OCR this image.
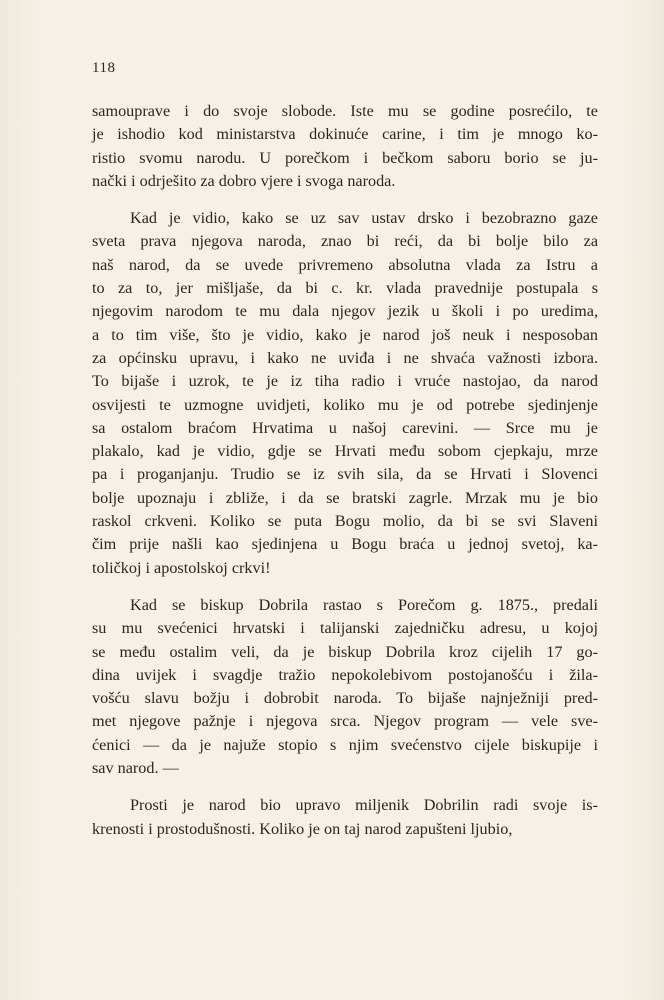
118

samouprave i do svoje slobode. Iste mu se godine posrećilo, te
je ishodio kod ministarstva dokinuće carine, i tim je mnogo ko-
ristio svomu narodu. U porečkom i bečkom saboru borio se ju-
nački i odrješito za dobro vjere i svoga naroda.

Kad je vidio, kako se uz sav ustav drsko i bezobrazno gaze
sveta prava njegova naroda, znao bi reći, da bi bolje bilo za
naš narod, da se uvede privremeno absolutna vlada za Istru a
to za to, jer mišljaše, da bi c. kr. vlada pravednije postupala s
njegovim narodom te mu dala njegov jezik u školi i po uredima,
a to tim više, što je vidio, kako je narod još neuk i nesposoban
za općinsku upravu, i kako ne uviđa i ne shvaća važnosti izbora.
To bijaše i uzrok, te je iz tiha radio i vruće nastojao, da narod
osvijesti te uzmogne uvidjeti, koliko mu je od potrebe sjedinjenje
sa ostalom braćom Hrvatima u našoj carevini. — Srce mu je
plakalo, kad je vidio, gdje se Hrvati među sobom cjepkaju, mrze
pa i proganjanju. Trudio se iz svih sila, da se Hrvati i Slovenci
bolje upoznaju i zbliže, i da se bratski zagrle. Mrzak mu je bio
raskol crkveni. Koliko se puta Bogu molio, da bi se svi Slaveni
čim prije našli kao sjedinjena u Bogu braća u jednoj svetoj, ka-
toličkoj i apostolskoj crkvi!

Kad se biskup Dobrila rastao s Porečom g. 1875., predali
su mu svećenici hrvatski i talijanski zajedničku adresu, u kojoj
se među ostalim veli, da je biskup Dobrila kroz cijelih 17 go-
dina uvijek i svagdje tražio nepokolebivom postojanošću i žila-
vošću slavu božju i dobrobit naroda. To bijaše najnježniji pred-
met njegove pažnje i njegova srca. Njegov program — vele sve-
ćenici — da je najuže stopio s njim svećenstvo cijele biskupije i
sav narod. —

Prosti je narod bio upravo miljenik Dobrilin radi svoje is-
krenosti i prostodušnosti. Koliko je on taj narod zapušteni ljubio,
